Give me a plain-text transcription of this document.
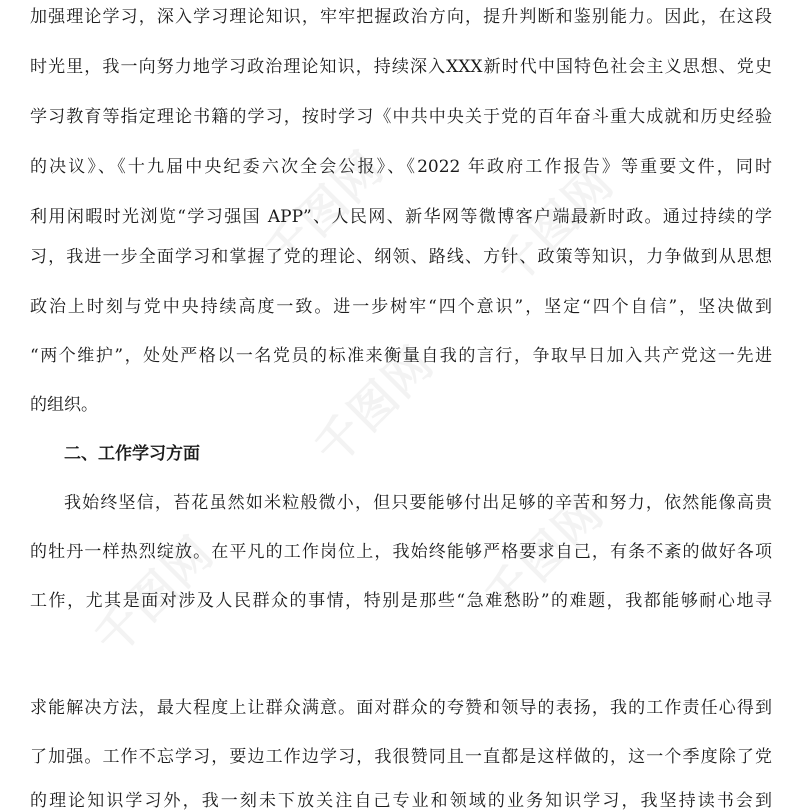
千图网 千图网
千图网
千图网	千图网
加强理论学习，深入学习理论知识，牢牢把握政治方向，提升判断和鉴别能力。因此，在这段
时光里，我一向努力地学习政治理论知识，持续深入XXX新时代中国特色社会主义思想、党史
学习教育等指定理论书籍的学习，按时学习《中共中央关于党的百年奋斗重大成就和历史经验
的决议》、《十九届中央纪委六次全会公报》、《2022 年政府工作报告》等重要文件，同时
利用闲暇时光浏览“学习强国 APP”、人民网、新华网等微博客户端最新时政。通过持续的学
习，我进一步全面学习和掌握了党的理论、纲领、路线、方针、政策等知识，力争做到从思想
政治上时刻与党中央持续高度一致。进一步树牢“四个意识”，坚定“四个自信”，坚决做到
“两个维护”，处处严格以一名党员的标准来衡量自我的言行，争取早日加入共产党这一先进
的组织。
二、工作学习方面
我始终坚信，苔花虽然如米粒般微小，但只要能够付出足够的辛苦和努力，依然能像高贵
的牡丹一样热烈绽放。在平凡的工作岗位上，我始终能够严格要求自己，有条不紊的做好各项
工作，尤其是面对涉及人民群众的事情，特别是那些“急难愁盼”的难题，我都能够耐心地寻
求能解决方法，最大程度上让群众满意。面对群众的夸赞和领导的表扬，我的工作责任心得到
了加强。工作不忘学习，要边工作边学习，我很赞同且一直都是这样做的，这一个季度除了党
的理论知识学习外，我一刻未下放关注自己专业和领域的业务知识学习，我坚持读书会到
